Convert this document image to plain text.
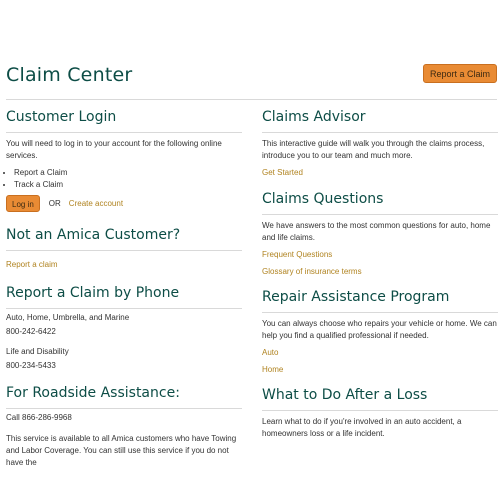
Claim Center	Report a Claim
Customer Login

You will need to log in to your account for the following online services.

• Report a Claim
• Track a Claim
Log in	OR Create account
Not an Amica Customer?
Report a claim
Report a Claim by Phone

Auto, Home, Umbrella, and Marine

800-242-6422

Life and Disability

800-234-5433

For Roadside Assistance:

Call 866-286-9968

This service is available to all Amica customers who have Towing and Labor Coverage. You can still use this service if you do not have the

Claims Advisor

This interactive guide will walk you through the claims process, introduce you to our team and much more.

Get Started
Claims Questions

We have answers to the most common questions for auto, home and life claims.

Frequent Questions
Glossary of insurance terms
Repair Assistance Program

You can always choose who repairs your vehicle or home. We can help you find a qualified professional if needed.

Auto
Home
What to Do After a Loss

Learn what to do if you're involved in an auto accident, a homeowners loss or a life incident.
